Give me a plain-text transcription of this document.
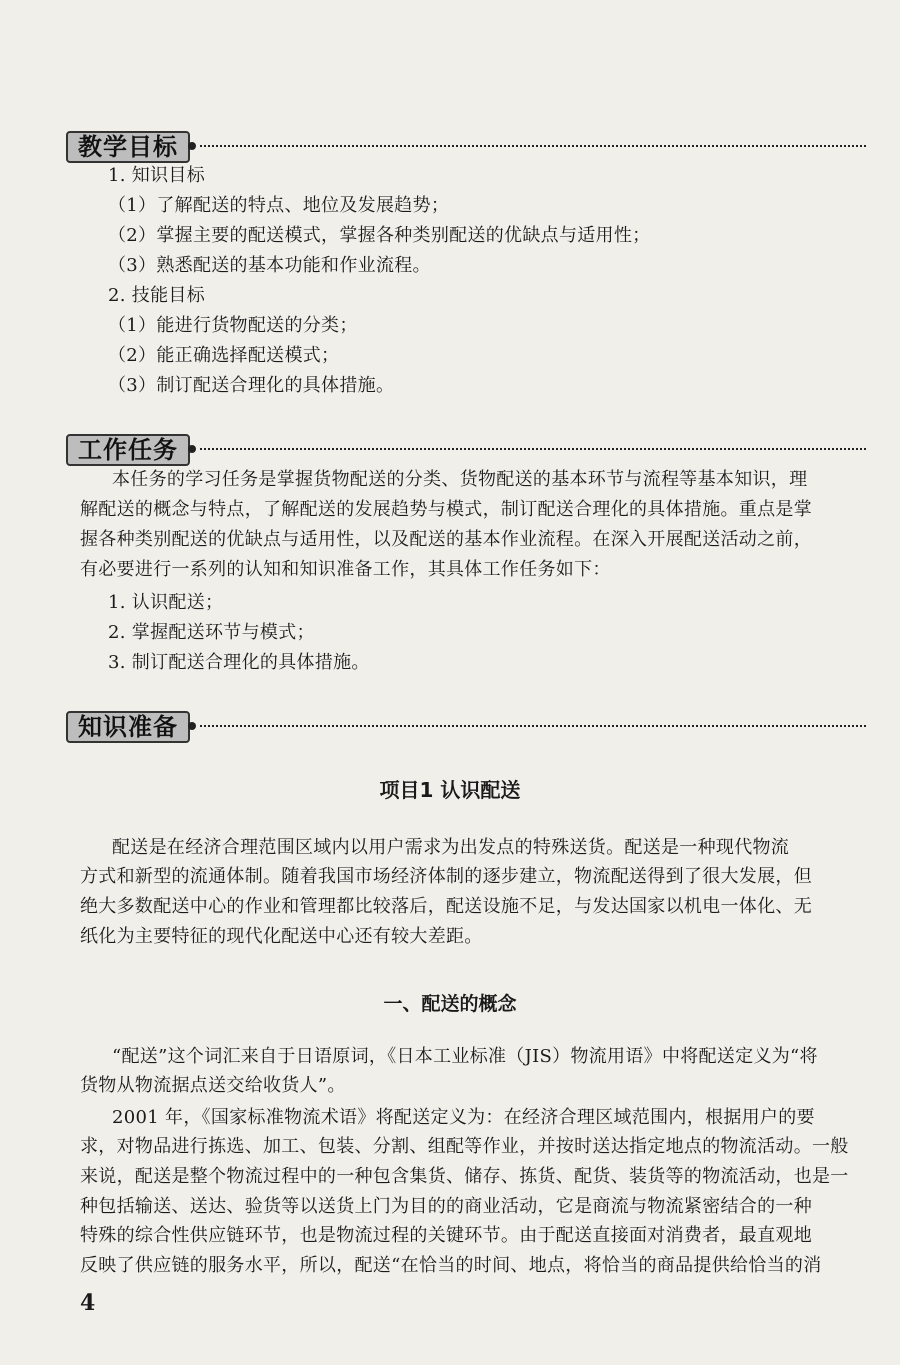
教学目标
1. 知识目标
（1）了解配送的特点、地位及发展趋势；
（2）掌握主要的配送模式，掌握各种类别配送的优缺点与适用性；
（3）熟悉配送的基本功能和作业流程。
2. 技能目标
（1）能进行货物配送的分类；
（2）能正确选择配送模式；
（3）制订配送合理化的具体措施。
工作任务
本任务的学习任务是掌握货物配送的分类、货物配送的基本环节与流程等基本知识，理
解配送的概念与特点，了解配送的发展趋势与模式，制订配送合理化的具体措施。重点是掌
握各种类别配送的优缺点与适用性，以及配送的基本作业流程。在深入开展配送活动之前，
有必要进行一系列的认知和知识准备工作，其具体工作任务如下：
1. 认识配送；
2. 掌握配送环节与模式；
3. 制订配送合理化的具体措施。
知识准备
项目1 认识配送
配送是在经济合理范围区域内以用户需求为出发点的特殊送货。配送是一种现代物流
方式和新型的流通体制。随着我国市场经济体制的逐步建立，物流配送得到了很大发展，但
绝大多数配送中心的作业和管理都比较落后，配送设施不足，与发达国家以机电一体化、无
纸化为主要特征的现代化配送中心还有较大差距。
一、配送的概念
“配送”这个词汇来自于日语原词，《日本工业标准（JIS）物流用语》中将配送定义为“将
货物从物流据点送交给收货人”。
2001 年，《国家标准物流术语》将配送定义为：在经济合理区域范围内，根据用户的要
求，对物品进行拣选、加工、包装、分割、组配等作业，并按时送达指定地点的物流活动。一般
来说，配送是整个物流过程中的一种包含集货、储存、拣货、配货、装货等的物流活动，也是一
种包括输送、送达、验货等以送货上门为目的的商业活动，它是商流与物流紧密结合的一种
特殊的综合性供应链环节，也是物流过程的关键环节。由于配送直接面对消费者，最直观地
反映了供应链的服务水平，所以，配送“在恰当的时间、地点，将恰当的商品提供给恰当的消
4
